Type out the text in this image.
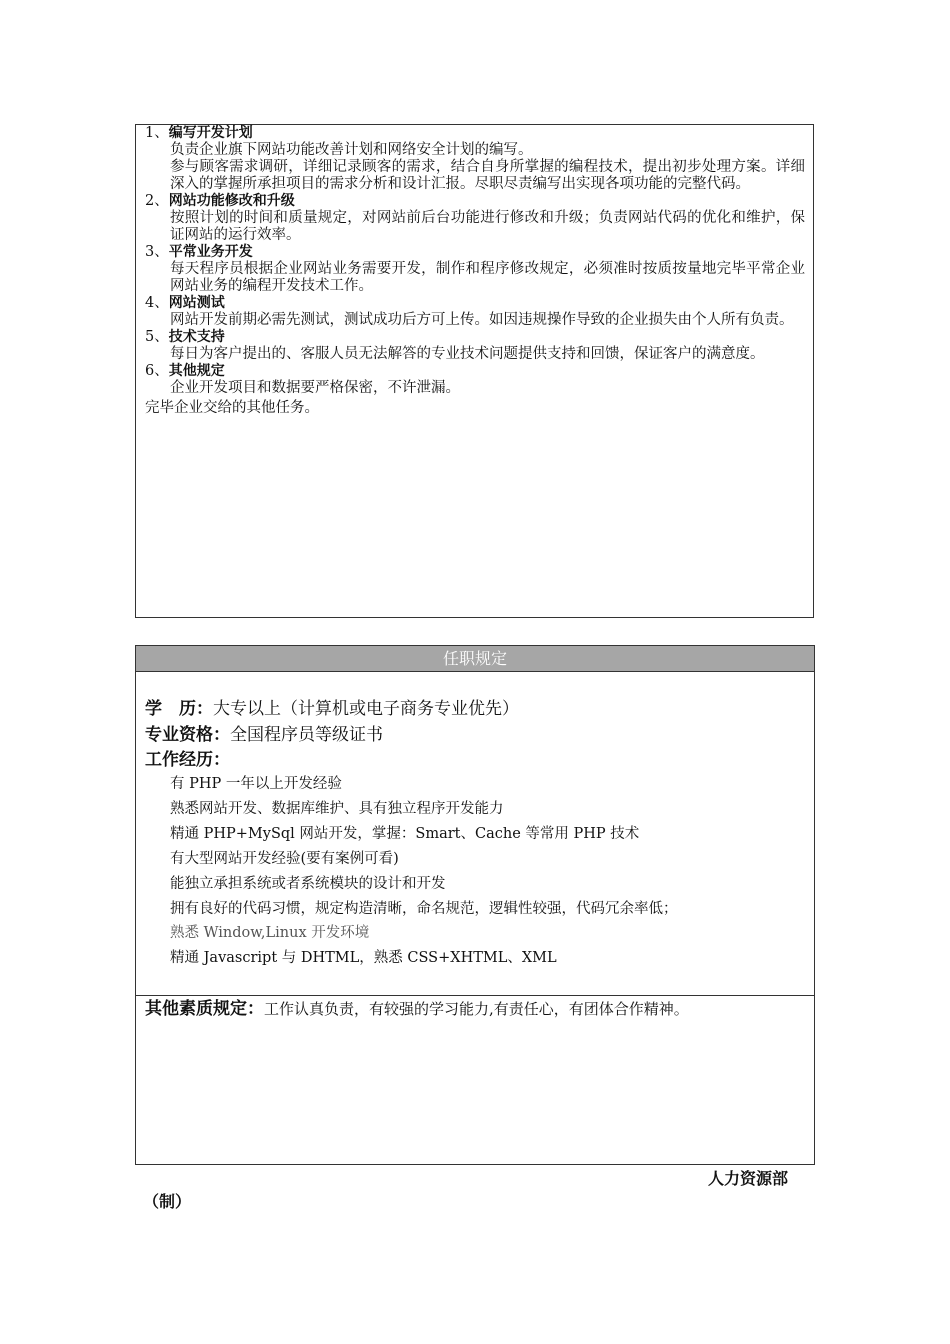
1、编写开发计划
负责企业旗下网站功能改善计划和网络安全计划的编写。
参与顾客需求调研，详细记录顾客的需求，结合自身所掌握的编程技术，提出初步处理方案。详细深入的掌握所承担项目的需求分析和设计汇报。尽职尽责编写出实现各项功能的完整代码。
2、网站功能修改和升级
按照计划的时间和质量规定，对网站前后台功能进行修改和升级；负责网站代码的优化和维护，保证网站的运行效率。
3、平常业务开发
每天程序员根据企业网站业务需要开发，制作和程序修改规定，必须准时按质按量地完毕平常企业网站业务的编程开发技术工作。
4、网站测试
网站开发前期必需先测试，测试成功后方可上传。如因违规操作导致的企业损失由个人所有负责。
5、技术支持
每日为客户提出的、客服人员无法解答的专业技术问题提供支持和回馈，保证客户的满意度。
6、其他规定
企业开发项目和数据要严格保密，不许泄漏。
完毕企业交给的其他任务。
任职规定
学　历：大专以上（计算机或电子商务专业优先）
专业资格：全国程序员等级证书
工作经历：
有 PHP 一年以上开发经验
熟悉网站开发、数据库维护、具有独立程序开发能力
精通 PHP+MySql 网站开发，掌握：Smart、Cache 等常用 PHP 技术
有大型网站开发经验(要有案例可看)
能独立承担系统或者系统模块的设计和开发
拥有良好的代码习惯，规定构造清晰，命名规范，逻辑性较强，代码冗余率低；
熟悉 Window,Linux 开发环境
精通 Javascript 与 DHTML，熟悉 CSS+XHTML、XML
其他素质规定：工作认真负责，有较强的学习能力,有责任心，有团体合作精神。
人力资源部
（制）
